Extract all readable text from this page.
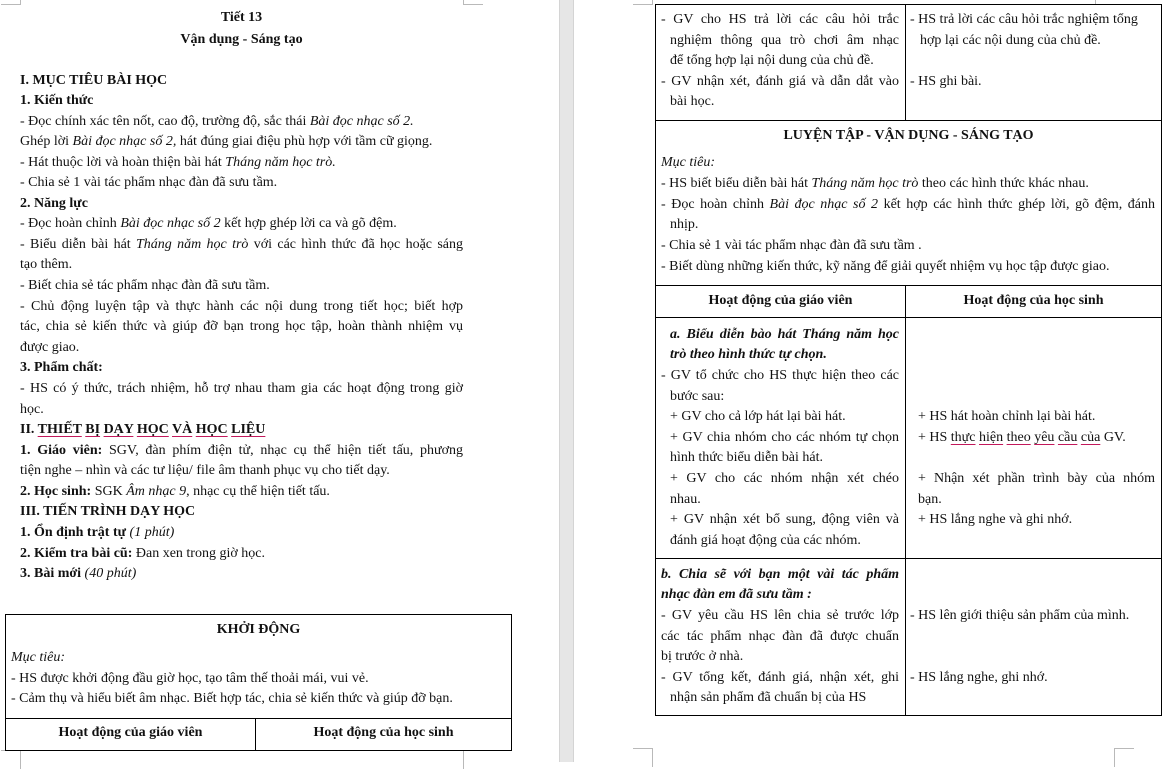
Tiết 13
Vận dụng - Sáng tạo
I. MỤC TIÊU BÀI HỌC
1. Kiến thức
- Đọc chính xác tên nốt, cao độ, trường độ, sắc thái Bài đọc nhạc số 2.
Ghép lời Bài đọc nhạc số 2, hát đúng giai điệu phù hợp với tầm cữ giọng.
- Hát thuộc lời và hoàn thiện bài hát Tháng năm học trò.
- Chia sẻ 1 vài tác phẩm nhạc đàn đã sưu tầm.
2. Năng lực
- Đọc hoàn chỉnh Bài đọc nhạc số 2 kết hợp ghép lời ca và gõ đệm.
- Biểu diễn bài hát Tháng năm học trò với các hình thức đã học hoặc sáng
tạo thêm.
- Biết chia sẻ tác phẩm nhạc đàn đã sưu tầm.
- Chủ động luyện tập và thực hành các nội dung trong tiết học; biết hợp
tác, chia sẻ kiến thức và giúp đỡ bạn trong học tập, hoàn thành nhiệm vụ
được giao.
3. Phẩm chất:
- HS có ý thức, trách nhiệm, hỗ trợ nhau tham gia các hoạt động trong giờ
học.
II. THIẾT BỊ DẠY HỌC VÀ HỌC LIỆU
1. Giáo viên: SGV, đàn phím điện tử, nhạc cụ thể hiện tiết tấu, phương
tiện nghe – nhìn và các tư liệu/ file âm thanh phục vụ cho tiết dạy.
2. Học sinh: SGK Âm nhạc 9, nhạc cụ thể hiện tiết tấu.
III. TIẾN TRÌNH DẠY HỌC
1. Ổn định trật tự (1 phút)
2. Kiểm tra bài cũ: Đan xen trong giờ học.
3. Bài mới (40 phút)
KHỞI ĐỘNG
Mục tiêu:
- HS được khởi động đầu giờ học, tạo tâm thế thoải mái, vui vẻ.
- Cảm thụ và hiểu biết âm nhạc. Biết hợp tác, chia sẻ kiến thức và giúp đỡ bạn.
Hoạt động của giáo viên	Hoạt động của học sinh
- GV cho HS trả lời các câu hỏi trắc
nghiệm thông qua trò chơi âm nhạc
để tổng hợp lại nội dung của chủ đề.
- GV nhận xét, đánh giá và dẫn dắt vào
bài học.
- HS trả lời các câu hỏi trắc nghiệm tổng
hợp lại các nội dung của chủ đề.
- HS ghi bài.
LUYỆN TẬP - VẬN DỤNG - SÁNG TẠO
Mục tiêu:
- HS biết biểu diễn bài hát Tháng năm học trò theo các hình thức khác nhau.
- Đọc hoàn chỉnh Bài đọc nhạc số 2 kết hợp các hình thức ghép lời, gõ đệm, đánh
nhịp.
- Chia sẻ 1 vài tác phẩm nhạc đàn đã sưu tầm .
- Biết dùng những kiến thức, kỹ năng để giải quyết nhiệm vụ học tập được giao.
Hoạt động của giáo viên	Hoạt động của học sinh
a. Biểu diễn bào hát Tháng năm học
trò theo hình thức tự chọn.
- GV tổ chức cho HS thực hiện theo các
bước sau:
+ GV cho cả lớp hát lại bài hát.
+ GV chia nhóm cho các nhóm tự chọn
hình thức biểu diễn bài hát.
+ GV cho các nhóm nhận xét chéo
nhau.
+ GV nhận xét bổ sung, động viên và
đánh giá hoạt động của các nhóm.
+ HS hát hoàn chỉnh lại bài hát.
+ HS thực hiện theo yêu cầu của GV.
+ Nhận xét phần trình bày của nhóm
bạn.
+ HS lắng nghe và ghi nhớ.
b. Chia sẽ với bạn một vài tác phẩm
nhạc đàn em đã sưu tầm :
- GV yêu cầu HS lên chia sẻ trước lớp
các tác phẩm nhạc đàn đã được chuẩn
bị trước ở nhà.
- GV tổng kết, đánh giá, nhận xét, ghi
nhận sản phẩm đã chuẩn bị của HS
- HS lên giới thiệu sản phẩm của mình.
- HS lắng nghe, ghi nhớ.
